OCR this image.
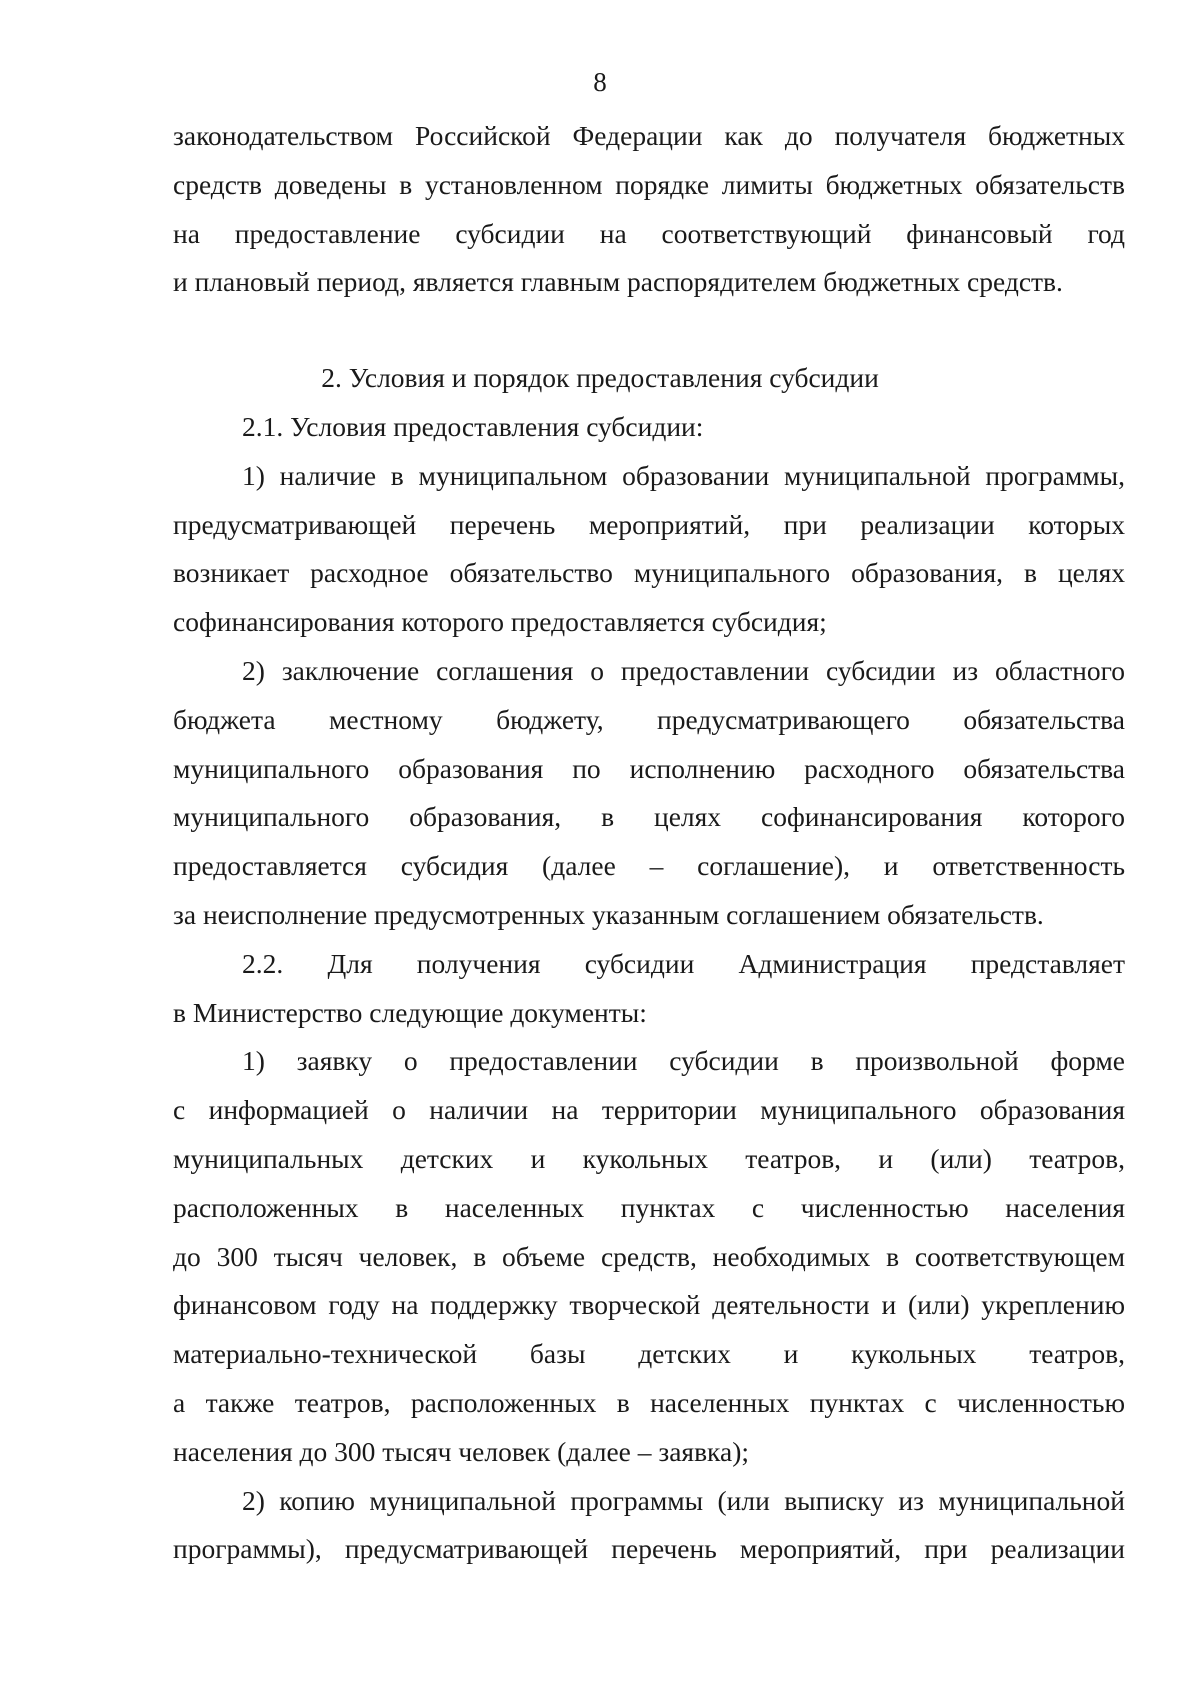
8
законодательством Российской Федерации как до получателя бюджетных
средств доведены в установленном порядке лимиты бюджетных обязательств
на предоставление субсидии на соответствующий финансовый год
и плановый период, является главным распорядителем бюджетных средств.
2. Условия и порядок предоставления субсидии
2.1. Условия предоставления субсидии:
1) наличие в муниципальном образовании муниципальной программы,
предусматривающей перечень мероприятий, при реализации которых
возникает расходное обязательство муниципального образования, в целях
софинансирования которого предоставляется субсидия;
2) заключение соглашения о предоставлении субсидии из областного
бюджета местному бюджету, предусматривающего обязательства
муниципального образования по исполнению расходного обязательства
муниципального образования, в целях софинансирования которого
предоставляется субсидия (далее – соглашение), и ответственность
за неисполнение предусмотренных указанным соглашением обязательств.
2.2. Для получения субсидии Администрация представляет
в Министерство следующие документы:
1) заявку о предоставлении субсидии в произвольной форме
с информацией о наличии на территории муниципального образования
муниципальных детских и кукольных театров, и (или) театров,
расположенных в населенных пунктах с численностью населения
до 300 тысяч человек, в объеме средств, необходимых в соответствующем
финансовом году на поддержку творческой деятельности и (или) укреплению
материально-технической базы детских и кукольных театров,
а также театров, расположенных в населенных пунктах с численностью
населения до 300 тысяч человек (далее – заявка);
2) копию муниципальной программы (или выписку из муниципальной
программы), предусматривающей перечень мероприятий, при реализации
